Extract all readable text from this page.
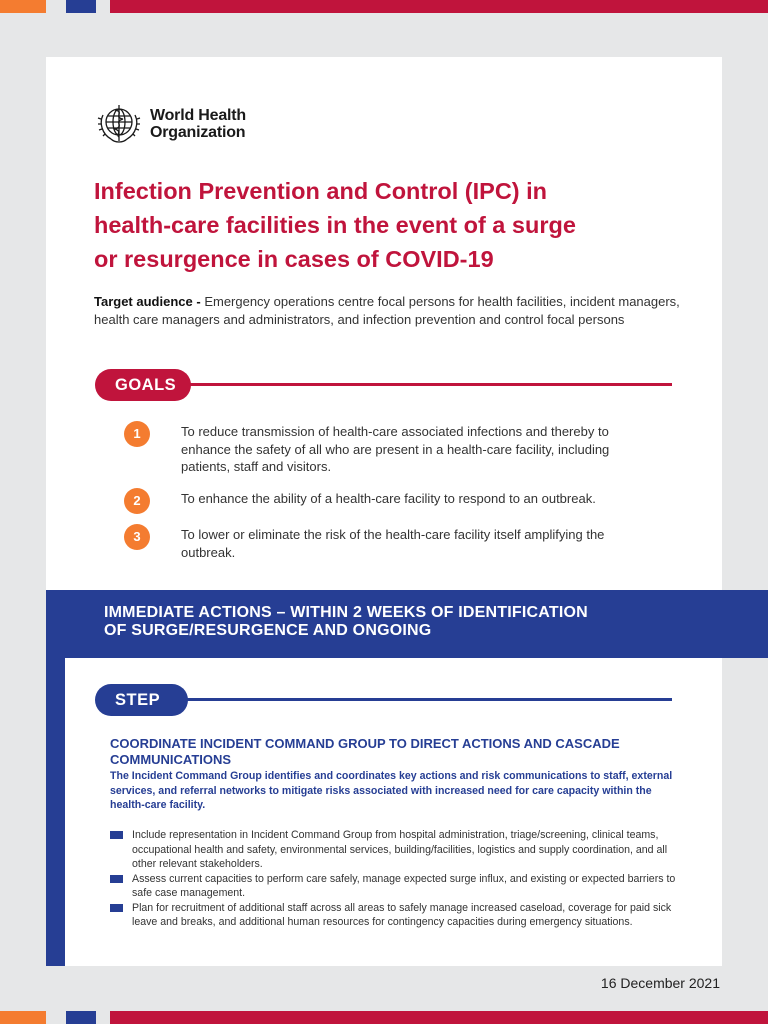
World Health
Organization
Infection Prevention and Control (IPC) in
health-care facilities in the event of a surge
or resurgence in cases of COVID-19
Target audience - Emergency operations centre focal persons for health facilities, incident managers, health care managers and administrators, and infection prevention and control focal persons
GOALS
1	To reduce transmission of health-care associated infections and thereby to enhance the safety of all who are present in a health-care facility, including patients, staff and visitors.
2	To enhance the ability of a health-care facility to respond to an outbreak.
3	To lower or eliminate the risk of the health-care facility itself amplifying the outbreak.
IMMEDIATE ACTIONS – WITHIN 2 WEEKS OF IDENTIFICATION
OF SURGE/RESURGENCE AND ONGOING
STEP 1
COORDINATE INCIDENT COMMAND GROUP TO DIRECT ACTIONS AND CASCADE COMMUNICATIONS
The Incident Command Group identifies and coordinates key actions and risk communications to staff, external services, and referral networks to mitigate risks associated with increased need for care capacity within the health-care facility.
Include representation in Incident Command Group from hospital administration, triage/screening, clinical teams, occupational health and safety, environmental services, building/facilities, logistics and supply coordination, and all other relevant stakeholders.
Assess current capacities to perform care safely, manage expected surge influx, and existing or expected barriers to safe case management.
Plan for recruitment of additional staff across all areas to safely manage increased caseload, coverage for paid sick leave and breaks, and additional human resources for contingency capacities during emergency situations.
16 December 2021
